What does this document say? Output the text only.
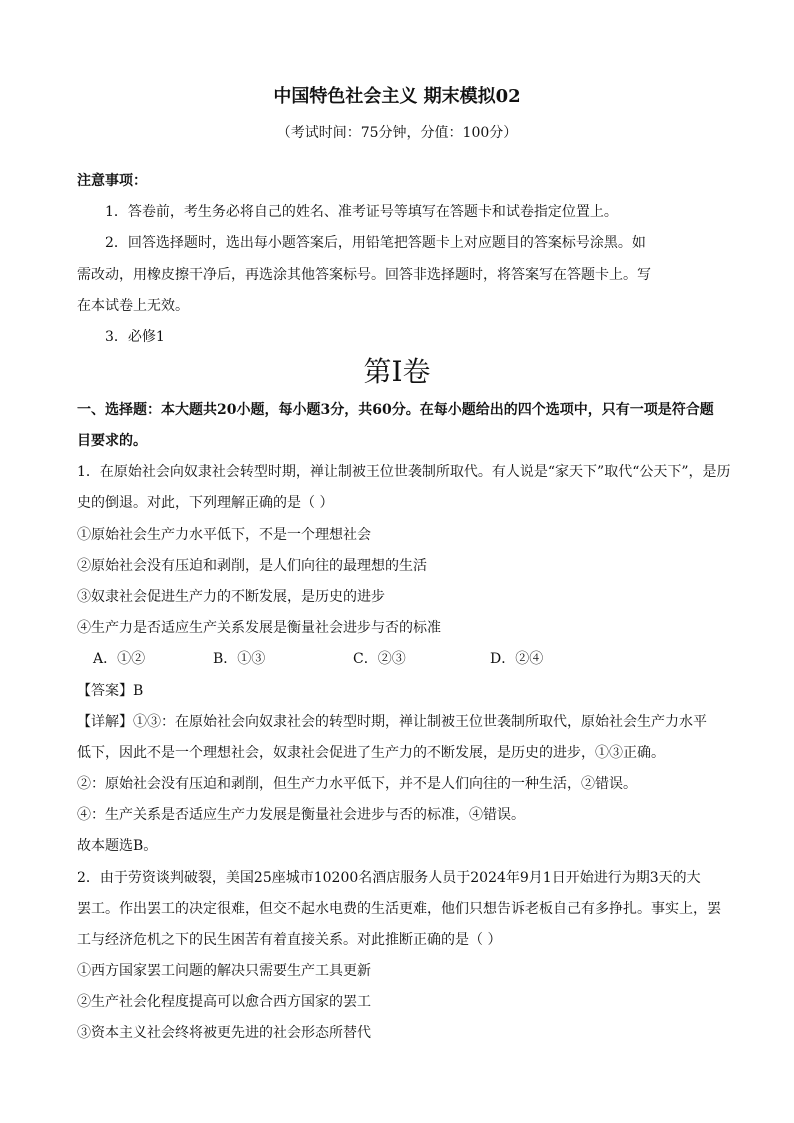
中国特色社会主义 期末模拟02
（考试时间：75分钟，分值：100分）
注意事项：
1．答卷前，考生务必将自己的姓名、准考证号等填写在答题卡和试卷指定位置上。
2．回答选择题时，选出每小题答案后，用铅笔把答题卡上对应题目的答案标号涂黑。如
需改动，用橡皮擦干净后，再选涂其他答案标号。回答非选择题时，将答案写在答题卡上。写
在本试卷上无效。
3．必修1
第Ⅰ卷
一、选择题：本大题共20小题，每小题3分，共60分。在每小题给出的四个选项中，只有一项是符合题
目要求的。
1．在原始社会向奴隶社会转型时期，禅让制被王位世袭制所取代。有人说是“家天下”取代“公天下”，是历
史的倒退。对此，下列理解正确的是（ ）
①原始社会生产力水平低下，不是一个理想社会
②原始社会没有压迫和剥削，是人们向往的最理想的生活
③奴隶社会促进生产力的不断发展，是历史的进步
④生产力是否适应生产关系发展是衡量社会进步与否的标准
A．①②	B．①③	C．②③	D．②④
【答案】B
【详解】①③：在原始社会向奴隶社会的转型时期，禅让制被王位世袭制所取代，原始社会生产力水平
低下，因此不是一个理想社会，奴隶社会促进了生产力的不断发展，是历史的进步，①③正确。
②：原始社会没有压迫和剥削，但生产力水平低下，并不是人们向往的一种生活，②错误。
④：生产关系是否适应生产力发展是衡量社会进步与否的标准，④错误。
故本题选B。
2．由于劳资谈判破裂，美国25座城市10200名酒店服务人员于2024年9月1日开始进行为期3天的大
罢工。作出罢工的决定很难，但交不起水电费的生活更难，他们只想告诉老板自己有多挣扎。事实上，罢
工与经济危机之下的民生困苦有着直接关系。对此推断正确的是（ ）
①西方国家罢工问题的解决只需要生产工具更新
②生产社会化程度提高可以愈合西方国家的罢工
③资本主义社会终将被更先进的社会形态所替代
